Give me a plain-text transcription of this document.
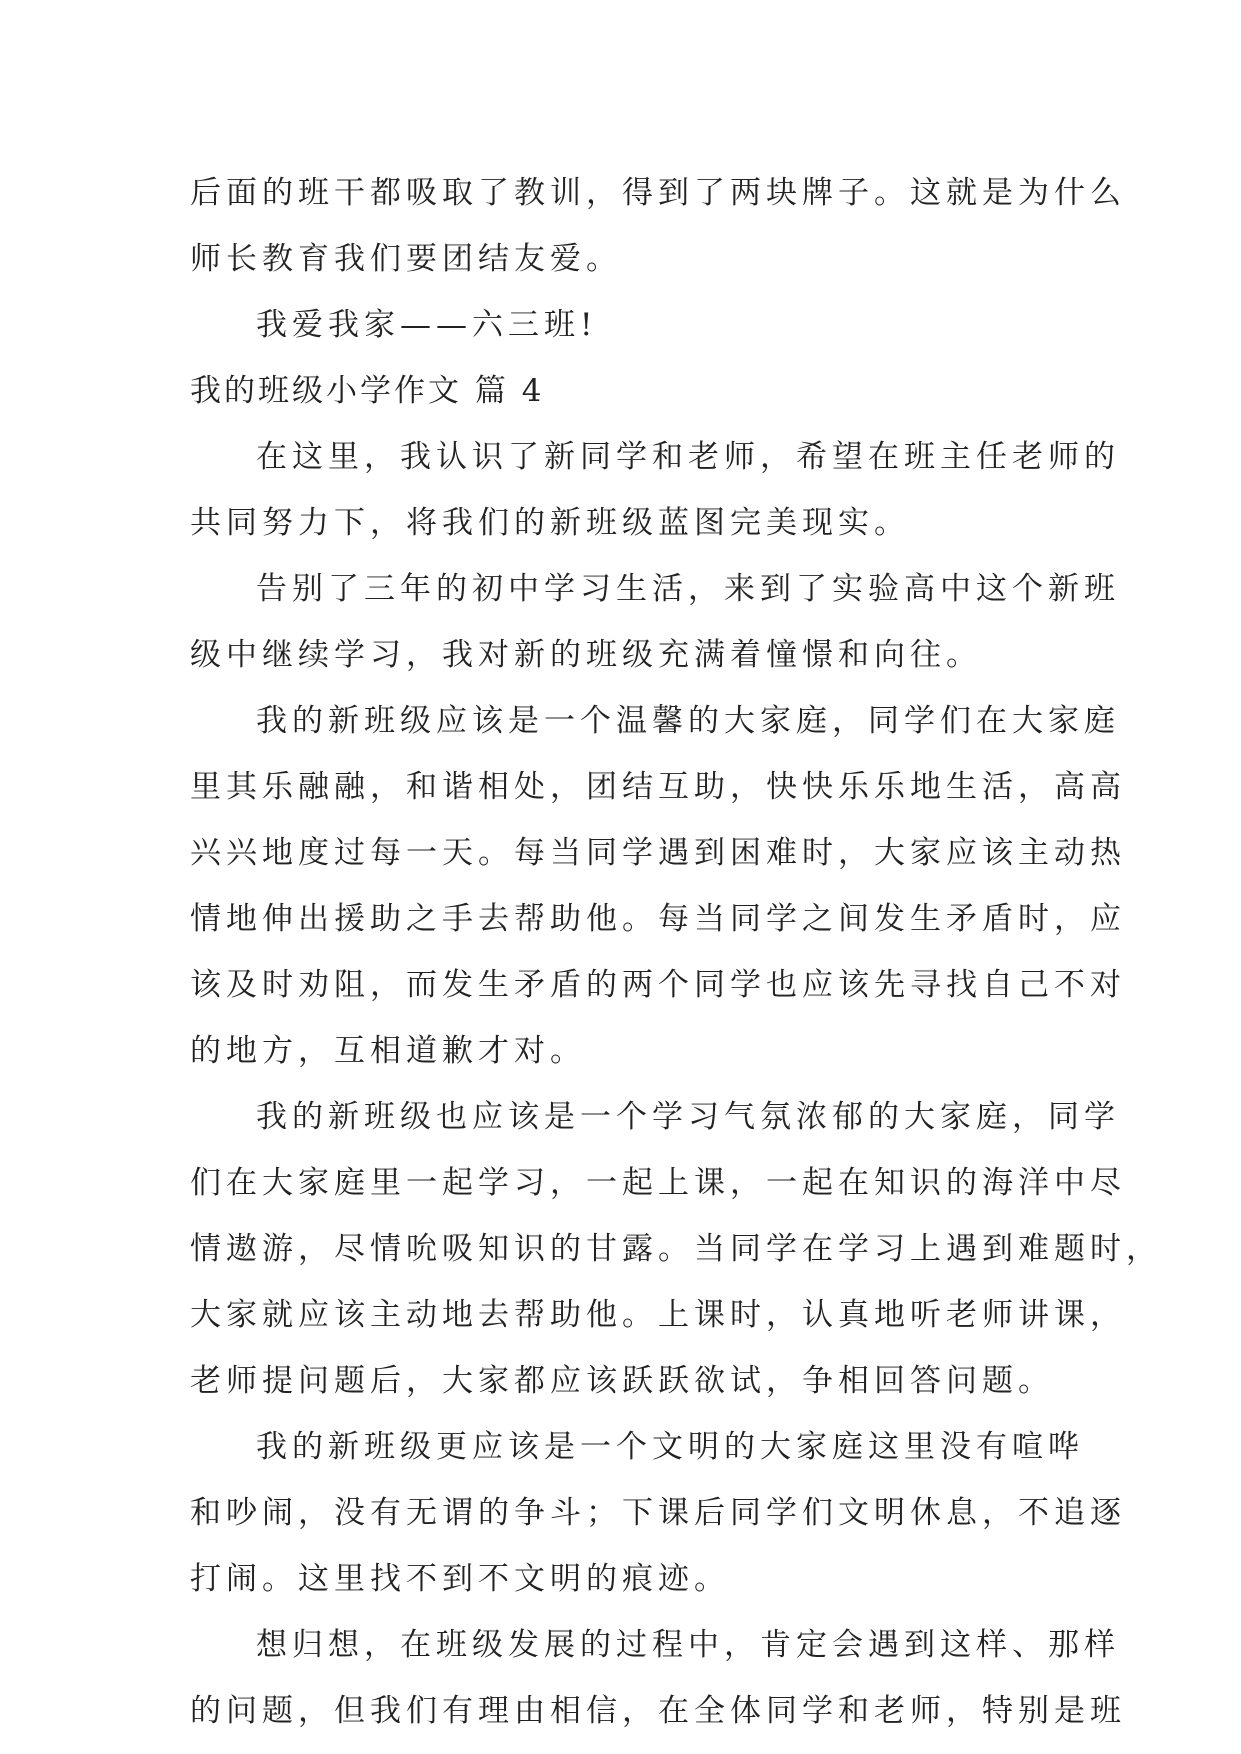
后面的班干都吸取了教训，得到了两块牌子。这就是为什么
师长教育我们要团结友爱。
我爱我家——六三班!
我的班级小学作文 篇 4
在这里，我认识了新同学和老师，希望在班主任老师的
共同努力下，将我们的新班级蓝图完美现实。
告别了三年的初中学习生活，来到了实验高中这个新班
级中继续学习，我对新的班级充满着憧憬和向往。
我的新班级应该是一个温馨的大家庭，同学们在大家庭
里其乐融融，和谐相处，团结互助，快快乐乐地生活，高高
兴兴地度过每一天。每当同学遇到困难时，大家应该主动热
情地伸出援助之手去帮助他。每当同学之间发生矛盾时，应
该及时劝阻，而发生矛盾的两个同学也应该先寻找自己不对
的地方，互相道歉才对。
我的新班级也应该是一个学习气氛浓郁的大家庭，同学
们在大家庭里一起学习，一起上课，一起在知识的海洋中尽
情遨游，尽情吮吸知识的甘露。当同学在学习上遇到难题时，
大家就应该主动地去帮助他。上课时，认真地听老师讲课，
老师提问题后，大家都应该跃跃欲试，争相回答问题。
我的新班级更应该是一个文明的大家庭这里没有喧哗
和吵闹，没有无谓的争斗；下课后同学们文明休息，不追逐
打闹。这里找不到不文明的痕迹。
想归想，在班级发展的过程中，肯定会遇到这样、那样
的问题，但我们有理由相信，在全体同学和老师，特别是班
